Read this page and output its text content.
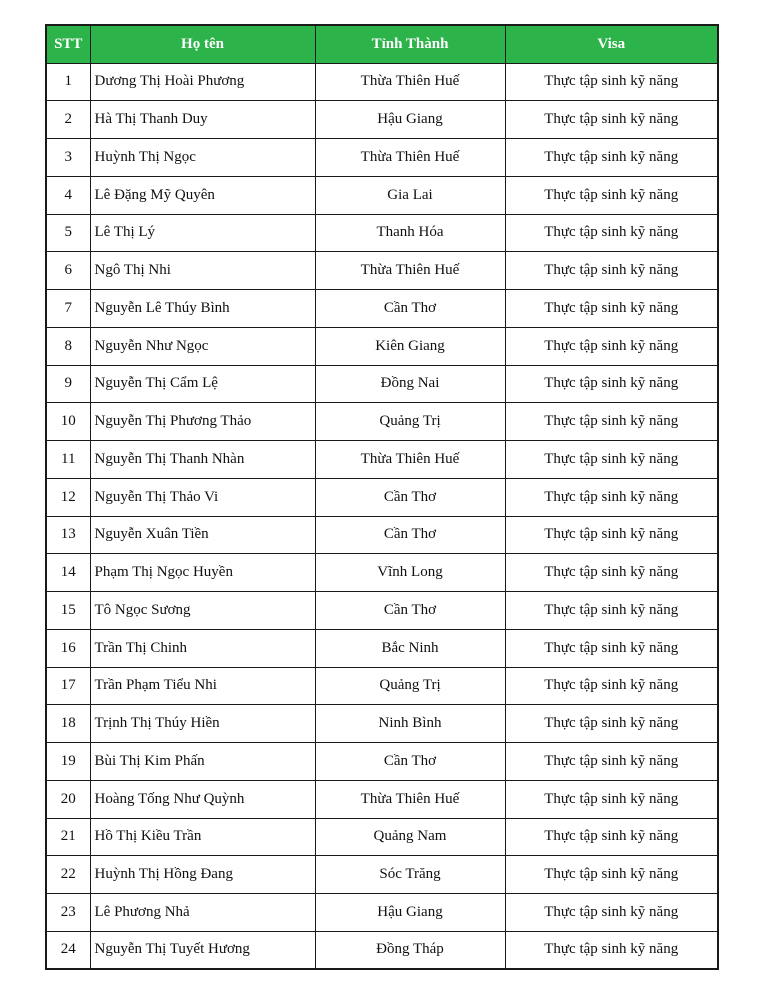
STT	Họ tên	Tỉnh Thành	Visa
1	Dương Thị Hoài Phương	Thừa Thiên Huế	Thực tập sinh kỹ năng
2	Hà Thị Thanh Duy	Hậu Giang	Thực tập sinh kỹ năng
3	Huỳnh Thị Ngọc	Thừa Thiên Huế	Thực tập sinh kỹ năng
4	Lê Đặng Mỹ Quyên	Gia Lai	Thực tập sinh kỹ năng
5	Lê Thị Lý	Thanh Hóa	Thực tập sinh kỹ năng
6	Ngô Thị Nhi	Thừa Thiên Huế	Thực tập sinh kỹ năng
7	Nguyễn Lê Thúy Bình	Cần Thơ	Thực tập sinh kỹ năng
8	Nguyễn Như Ngọc	Kiên Giang	Thực tập sinh kỹ năng
9	Nguyễn Thị Cẩm Lệ	Đồng Nai	Thực tập sinh kỹ năng
10	Nguyễn Thị Phương Thảo	Quảng Trị	Thực tập sinh kỹ năng
11	Nguyễn Thị Thanh Nhàn	Thừa Thiên Huế	Thực tập sinh kỹ năng
12	Nguyễn Thị Thảo Vi	Cần Thơ	Thực tập sinh kỹ năng
13	Nguyễn Xuân Tiền	Cần Thơ	Thực tập sinh kỹ năng
14	Phạm Thị Ngọc Huyền	Vĩnh Long	Thực tập sinh kỹ năng
15	Tô Ngọc Sương	Cần Thơ	Thực tập sinh kỹ năng
16	Trần Thị Chinh	Bắc Ninh	Thực tập sinh kỹ năng
17	Trần Phạm Tiểu Nhi	Quảng Trị	Thực tập sinh kỹ năng
18	Trịnh Thị Thúy Hiền	Ninh Bình	Thực tập sinh kỹ năng
19	Bùi Thị Kim Phấn	Cần Thơ	Thực tập sinh kỹ năng
20	Hoàng Tống Như Quỳnh	Thừa Thiên Huế	Thực tập sinh kỹ năng
21	Hồ Thị Kiều Trần	Quảng Nam	Thực tập sinh kỹ năng
22	Huỳnh Thị Hồng Đang	Sóc Trăng	Thực tập sinh kỹ năng
23	Lê Phương Nhả	Hậu Giang	Thực tập sinh kỹ năng
24	Nguyễn Thị Tuyết Hương	Đồng Tháp	Thực tập sinh kỹ năng
